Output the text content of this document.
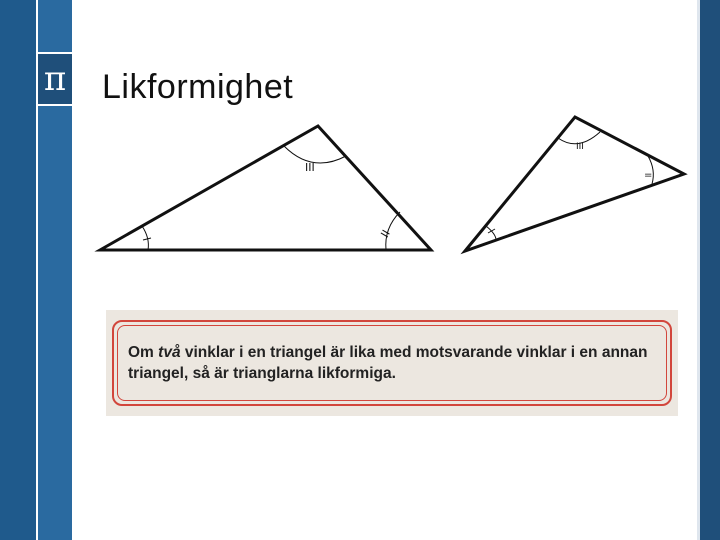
π Likformighet
III
II
III
=
Om två vinklar i en triangel är lika med motsvarande vinklar i en annan triangel, så är trianglarna likformiga.
